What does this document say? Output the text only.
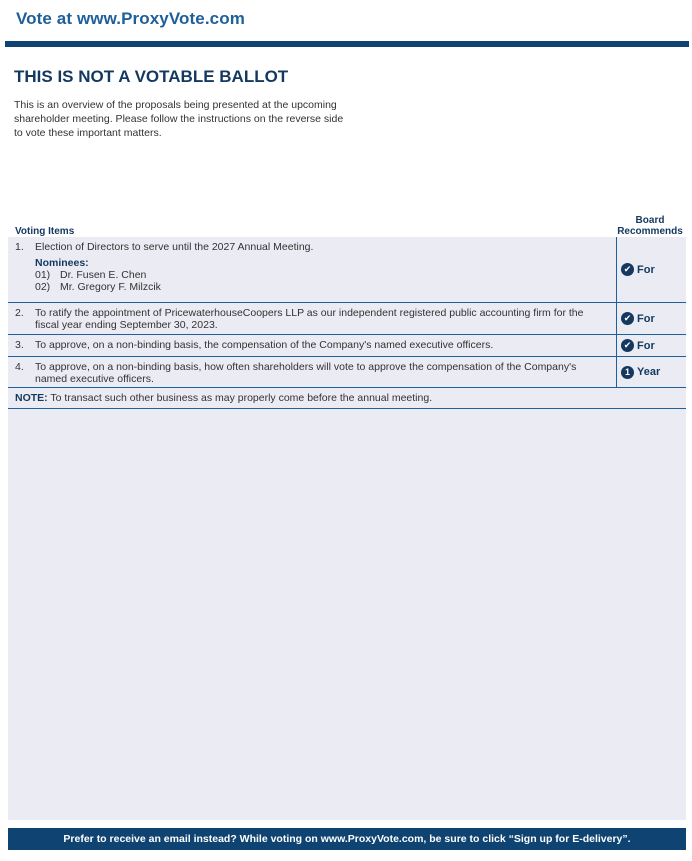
Vote at www.ProxyVote.com
THIS IS NOT A VOTABLE BALLOT
This is an overview of the proposals being presented at the upcoming shareholder meeting. Please follow the instructions on the reverse side to vote these important matters.
Voting Items
Board
Recommends
1. Election of Directors to serve until the 2027 Annual Meeting.
Nominees:
01) Dr. Fusen E. Chen
02) Mr. Gregory F. Milzcik
✔ For
2. To ratify the appointment of PricewaterhouseCoopers LLP as our independent registered public accounting firm for the
fiscal year ending September 30, 2023.
✔ For
3. To approve, on a non-binding basis, the compensation of the Company's named executive officers.	✔ For
4. To approve, on a non-binding basis, how often shareholders will vote to approve the compensation of the Company's
named executive officers.
1 Year
NOTE: To transact such other business as may properly come before the annual meeting.
Prefer to receive an email instead? While voting on www.ProxyVote.com, be sure to click “Sign up for E-delivery”.
